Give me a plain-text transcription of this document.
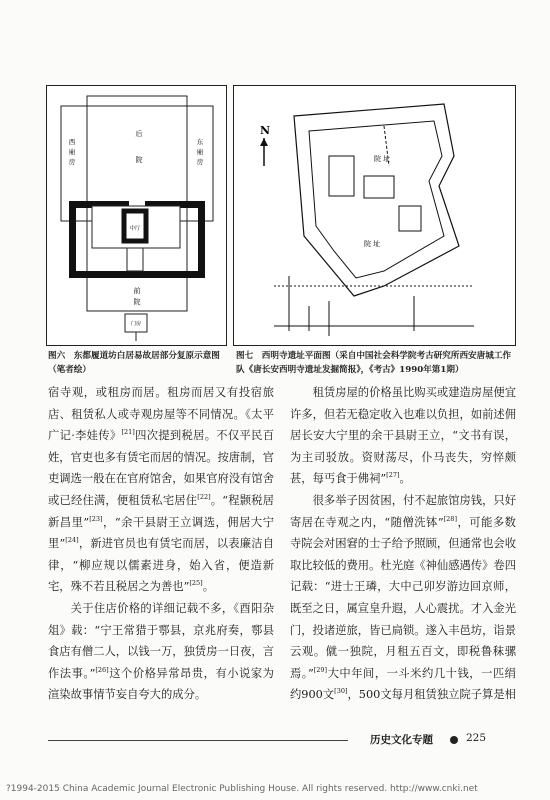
后
院
西
廂
房
东
廂
房
中厅
前
院
门房
N
院 址
院 址
图六　东都履道坊白居易故居部分复原示意图（笔者绘）
图七　西明寺遗址平面图（采自中国社会科学院考古研究所西安唐城工作队《唐长安西明寺遗址发掘简报》，《考古》1990年第1期）

宿寺观，或租房而居。租房而居又有投宿旅店、租赁私人或寺观房屋等不同情况。《太平广记·李娃传》[21]四次提到税居。不仅平民百姓，官吏也多有赁宅而居的情况。按唐制，官吏调选一般在在官府馆舍，如果官府没有馆舍或已经住满，便租赁私宅居住[22]。“程颢税居新昌里”[23]，“余干县尉王立调选，佣居大宁里”[24]，新进官员也有赁宅而居，以表廉洁自律，“柳应规以儒素进身，始入省，便造新宅，殊不若且税居之为善也”[25]。

关于住店价格的详细记载不多，《酉阳杂俎》载：“宁王常猎于鄠县，京兆府奏，鄠县食店有僧二人，以钱一万，独赁房一日夜，言作法事。”[26]这个价格异常昂贵，有小说家为渲染故事情节妄自夸大的成分。

租赁房屋的价格虽比购买或建造房屋便宜许多，但若无稳定收入也难以负担，如前述佣居长安大宁里的余干县尉王立，“文书有误，为主司驳放。资财荡尽，仆马丧失，穷悴颇甚，每丐食于佛祠”[27]。

很多举子因贫困，付不起旅馆房钱，只好寄居在寺观之内，“随僧洗钵”[28]，可能多数寺院会对困窘的士子给予照顾，但通常也会收取比较低的费用。杜光庭《神仙感遇传》卷四记载：“进士王璘，大中己卯岁游边回京师，既至之日，属宣皇升遐，人心震扰。才入金光门，投诸逆旅，皆已扃锁。遂入丰邑坊，诣景云观。僦一独院，月租五百文，即税鲁秣骡焉。”[29]大中年间，一斗米约几十钱，一匹绢约900文[30]，500文每月租赁独立院子算是相

历史文化专题	225
?1994-2015 China Academic Journal Electronic Publishing House. All rights reserved. http://www.cnki.net
